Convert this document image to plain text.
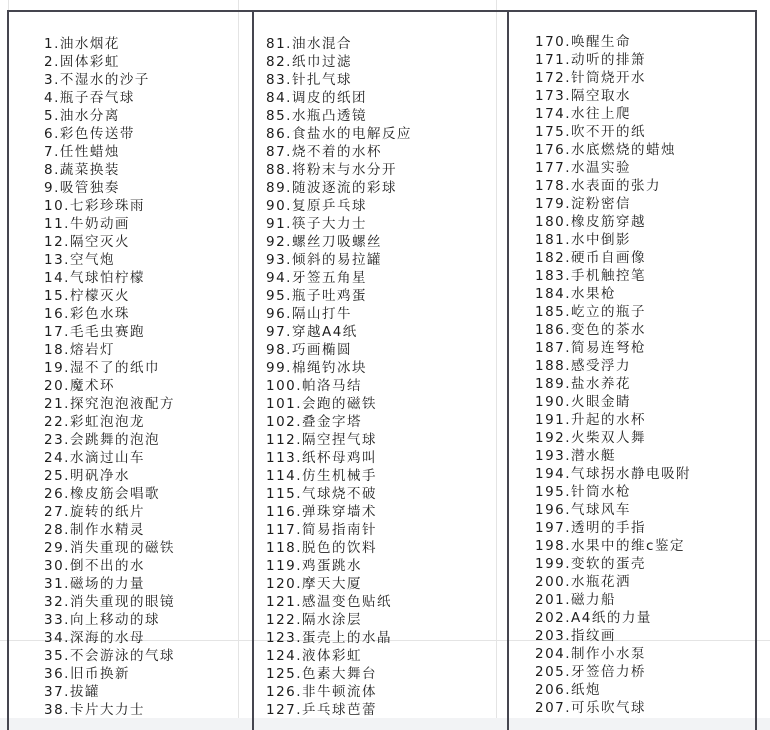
1.油水烟花
2.固体彩虹
3.不湿水的沙子
4.瓶子吞气球
5.油水分离
6.彩色传送带
7.任性蜡烛
8.蔬菜换装
9.吸管独奏
10.七彩珍珠雨
11.牛奶动画
12.隔空灭火
13.空气炮
14.气球怕柠檬
15.柠檬灭火
16.彩色水珠
17.毛毛虫赛跑
18.熔岩灯
19.湿不了的纸巾
20.魔术环
21.探究泡泡液配方
22.彩虹泡泡龙
23.会跳舞的泡泡
24.水滴过山车
25.明矾净水
26.橡皮筋会唱歌
27.旋转的纸片
28.制作水精灵
29.消失重现的磁铁
30.倒不出的水
31.磁场的力量
32.消失重现的眼镜
33.向上移动的球
34.深海的水母
35.不会游泳的气球
36.旧币换新
37.拔罐
38.卡片大力士
81.油水混合
82.纸巾过滤
83.针扎气球
84.调皮的纸团
85.水瓶凸透镜
86.食盐水的电解反应
87.烧不着的水杯
88.将粉末与水分开
89.随波逐流的彩球
90.复原乒乓球
91.筷子大力士
92.螺丝刀吸螺丝
93.倾斜的易拉罐
94.牙签五角星
95.瓶子吐鸡蛋
96.隔山打牛
97.穿越A4纸
98.巧画椭圆
99.棉绳钓冰块
100.帕洛马结
101.会跑的磁铁
102.叠金字塔
112.隔空捏气球
113.纸杯母鸡叫
114.仿生机械手
115.气球烧不破
116.弹珠穿墙术
117.简易指南针
118.脱色的饮料
119.鸡蛋跳水
120.摩天大厦
121.感温变色贴纸
122.隔水涂层
123.蛋壳上的水晶
124.液体彩虹
125.色素大舞台
126.非牛顿流体
127.乒乓球芭蕾
170.唤醒生命
171.动听的排箫
172.针筒烧开水
173.隔空取水
174.水往上爬
175.吹不开的纸
176.水底燃烧的蜡烛
177.水温实验
178.水表面的张力
179.淀粉密信
180.橡皮筋穿越
181.水中倒影
182.硬币自画像
183.手机触控笔
184.水果枪
185.屹立的瓶子
186.变色的茶水
187.简易连弩枪
188.感受浮力
189.盐水养花
190.火眼金睛
191.升起的水杯
192.火柴双人舞
193.潜水艇
194.气球拐水静电吸附
195.针筒水枪
196.气球风车
197.透明的手指
198.水果中的维c鉴定
199.变软的蛋壳
200.水瓶花洒
201.磁力船
202.A4纸的力量
203.指纹画
204.制作小水泵
205.牙签倍力桥
206.纸炮
207.可乐吹气球
